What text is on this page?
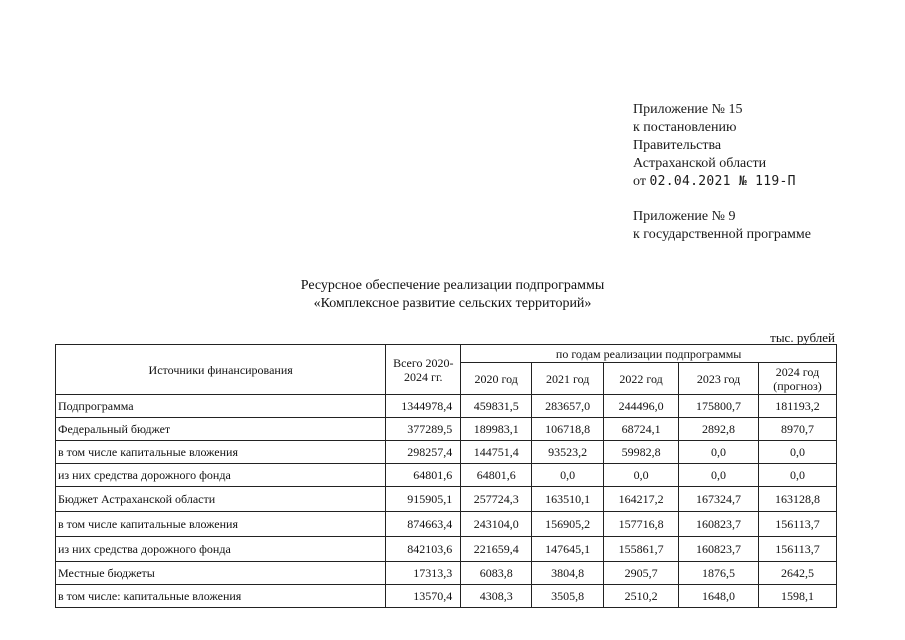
Приложение № 15
к постановлению
Правительства
Астраханской области
от 02.04.2021 № 119-П
Приложение № 9
к государственной программе
Ресурсное обеспечение реализации подпрограммы
«Комплексное развитие сельских территорий»
тыс. рублей
Источники финансирования	Всего 2020-2024 гг.	по годам реализации подпрограммы				
		2020 год	2021 год	2022 год	2023 год	2024 год (прогноз)
Подпрограмма	1344978,4	459831,5	283657,0	244496,0	175800,7	181193,2
Федеральный бюджет	377289,5	189983,1	106718,8	68724,1	2892,8	8970,7
в том числе капитальные вложения	298257,4	144751,4	93523,2	59982,8	0,0	0,0
из них средства дорожного фонда	64801,6	64801,6	0,0	0,0	0,0	0,0
Бюджет Астраханской области	915905,1	257724,3	163510,1	164217,2	167324,7	163128,8
в том числе капитальные вложения	874663,4	243104,0	156905,2	157716,8	160823,7	156113,7
из них средства дорожного фонда	842103,6	221659,4	147645,1	155861,7	160823,7	156113,7
Местные бюджеты	17313,3	6083,8	3804,8	2905,7	1876,5	2642,5
в том числе: капитальные вложения	13570,4	4308,3	3505,8	2510,2	1648,0	1598,1
